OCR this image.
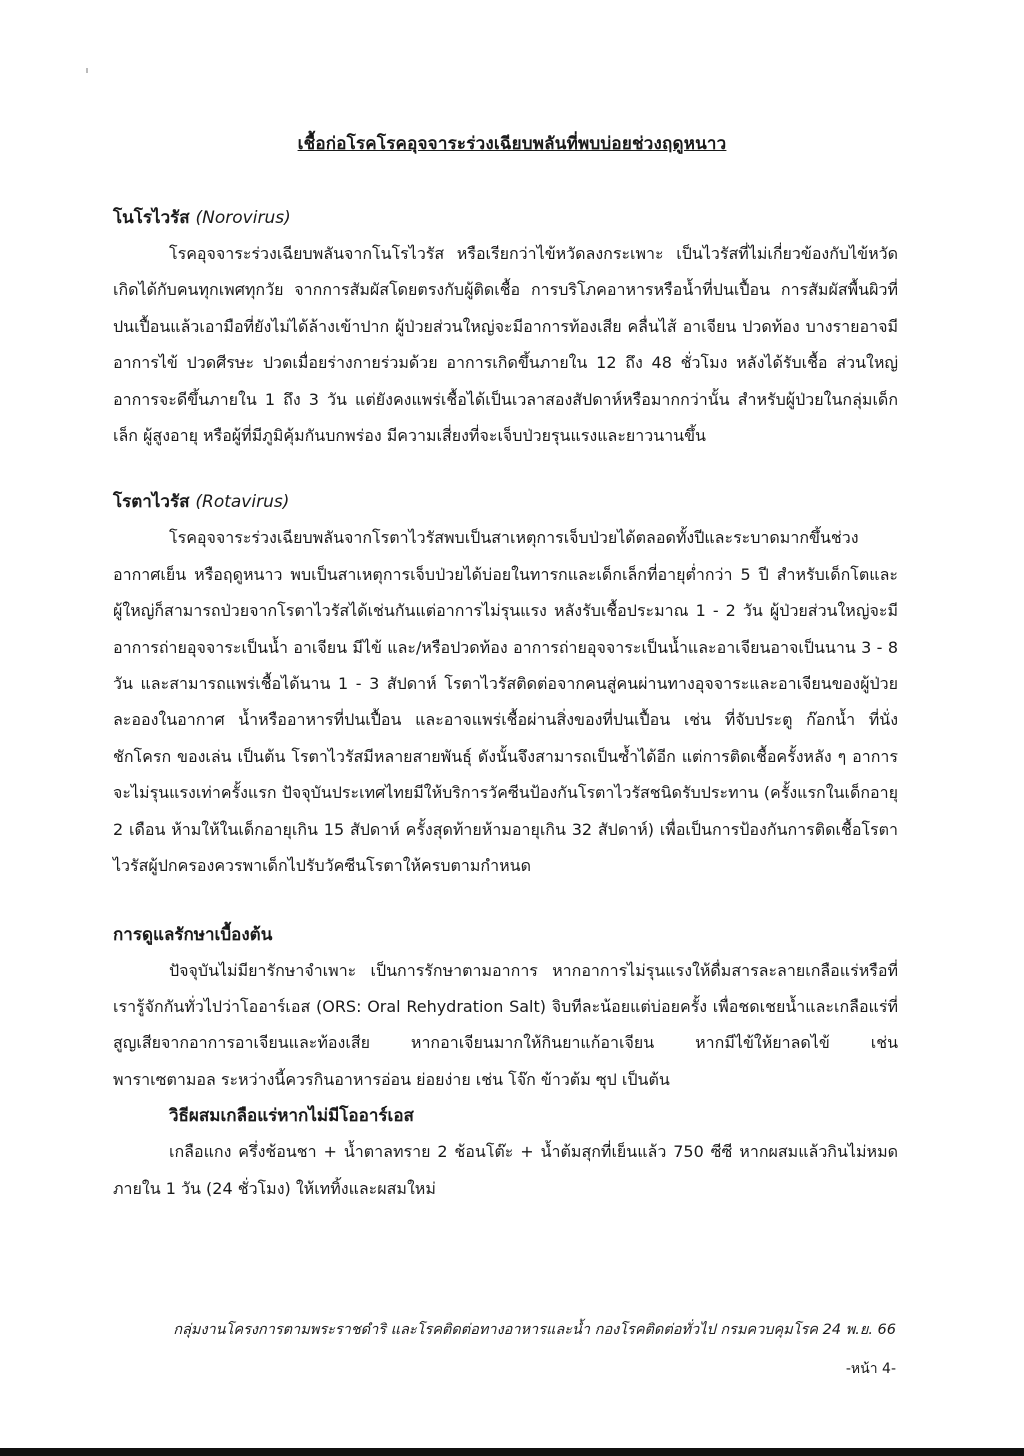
เชื้อก่อโรคโรคอุจจาระร่วงเฉียบพลันที่พบบ่อยช่วงฤดูหนาว
โนโรไวรัส (Norovirus)

โรคอุจจาระร่วงเฉียบพลันจากโนโรไวรัส หรือเรียกว่าไข้หวัดลงกระเพาะ เป็นไวรัสที่ไม่เกี่ยวข้องกับไข้หวัด เกิดได้กับคนทุกเพศทุกวัย จากการสัมผัสโดยตรงกับผู้ติดเชื้อ การบริโภคอาหารหรือน้ำที่ปนเปื้อน การสัมผัสพื้นผิวที่ปนเปื้อนแล้วเอามือที่ยังไม่ได้ล้างเข้าปาก ผู้ป่วยส่วนใหญ่จะมีอาการท้องเสีย คลื่นไส้ อาเจียน ปวดท้อง บางรายอาจมีอาการไข้ ปวดศีรษะ ปวดเมื่อยร่างกายร่วมด้วย อาการเกิดขึ้นภายใน 12 ถึง 48 ชั่วโมง หลังได้รับเชื้อ ส่วนใหญ่อาการจะดีขึ้นภายใน 1 ถึง 3 วัน แต่ยังคงแพร่เชื้อได้เป็นเวลาสองสัปดาห์หรือมากกว่านั้น สำหรับผู้ป่วยในกลุ่มเด็กเล็ก ผู้สูงอายุ หรือผู้ที่มีภูมิคุ้มกันบกพร่อง มีความเสี่ยงที่จะเจ็บป่วยรุนแรงและยาวนานขึ้น

โรตาไวรัส (Rotavirus)

โรคอุจจาระร่วงเฉียบพลันจากโรตาไวรัสพบเป็นสาเหตุการเจ็บป่วยได้ตลอดทั้งปีและระบาดมากขึ้นช่วงอากาศเย็น หรือฤดูหนาว พบเป็นสาเหตุการเจ็บป่วยได้บ่อยในทารกและเด็กเล็กที่อายุต่ำกว่า 5 ปี สำหรับเด็กโตและผู้ใหญ่ก็สามารถป่วยจากโรตาไวรัสได้เช่นกันแต่อาการไม่รุนแรง หลังรับเชื้อประมาณ 1 - 2 วัน ผู้ป่วยส่วนใหญ่จะมีอาการถ่ายอุจจาระเป็นน้ำ อาเจียน มีไข้ และ/หรือปวดท้อง อาการถ่ายอุจจาระเป็นน้ำและอาเจียนอาจเป็นนาน 3 - 8 วัน และสามารถแพร่เชื้อได้นาน 1 - 3 สัปดาห์ โรตาไวรัสติดต่อจากคนสู่คนผ่านทางอุจจาระและอาเจียนของผู้ป่วย ละอองในอากาศ น้ำหรืออาหารที่ปนเปื้อน และอาจแพร่เชื้อผ่านสิ่งของที่ปนเปื้อน เช่น ที่จับประตู ก๊อกน้ำ ที่นั่งชักโครก ของเล่น เป็นต้น โรตาไวรัสมีหลายสายพันธุ์ ดังนั้นจึงสามารถเป็นซ้ำได้อีก แต่การติดเชื้อครั้งหลัง ๆ อาการจะไม่รุนแรงเท่าครั้งแรก ปัจจุบันประเทศไทยมีให้บริการวัคซีนป้องกันโรตาไวรัสชนิดรับประทาน (ครั้งแรกในเด็กอายุ 2 เดือน ห้ามให้ในเด็กอายุเกิน 15 สัปดาห์ ครั้งสุดท้ายห้ามอายุเกิน 32 สัปดาห์) เพื่อเป็นการป้องกันการติดเชื้อโรตาไวรัสผู้ปกครองควรพาเด็กไปรับวัคซีนโรตาให้ครบตามกำหนด

การดูแลรักษาเบื้องต้น

ปัจจุบันไม่มียารักษาจำเพาะ เป็นการรักษาตามอาการ หากอาการไม่รุนแรงให้ดื่มสารละลายเกลือแร่หรือที่เรารู้จักกันทั่วไปว่าโออาร์เอส (ORS: Oral Rehydration Salt) จิบทีละน้อยแต่บ่อยครั้ง เพื่อชดเชยน้ำและเกลือแร่ที่สูญเสียจากอาการอาเจียนและท้องเสีย หากอาเจียนมากให้กินยาแก้อาเจียน หากมีไข้ให้ยาลดไข้ เช่น พาราเซตามอล ระหว่างนี้ควรกินอาหารอ่อน ย่อยง่าย เช่น โจ๊ก ข้าวต้ม ซุป เป็นต้น

วิธีผสมเกลือแร่หากไม่มีโออาร์เอส

เกลือแกง ครึ่งช้อนชา + น้ำตาลทราย 2 ช้อนโต๊ะ + น้ำต้มสุกที่เย็นแล้ว 750 ซีซี หากผสมแล้วกินไม่หมดภายใน 1 วัน (24 ชั่วโมง) ให้เททิ้งและผสมใหม่

กลุ่มงานโครงการตามพระราชดำริ และโรคติดต่อทางอาหารและน้ำ กองโรคติดต่อทั่วไป กรมควบคุมโรค 24 พ.ย. 66
-หน้า 4-
